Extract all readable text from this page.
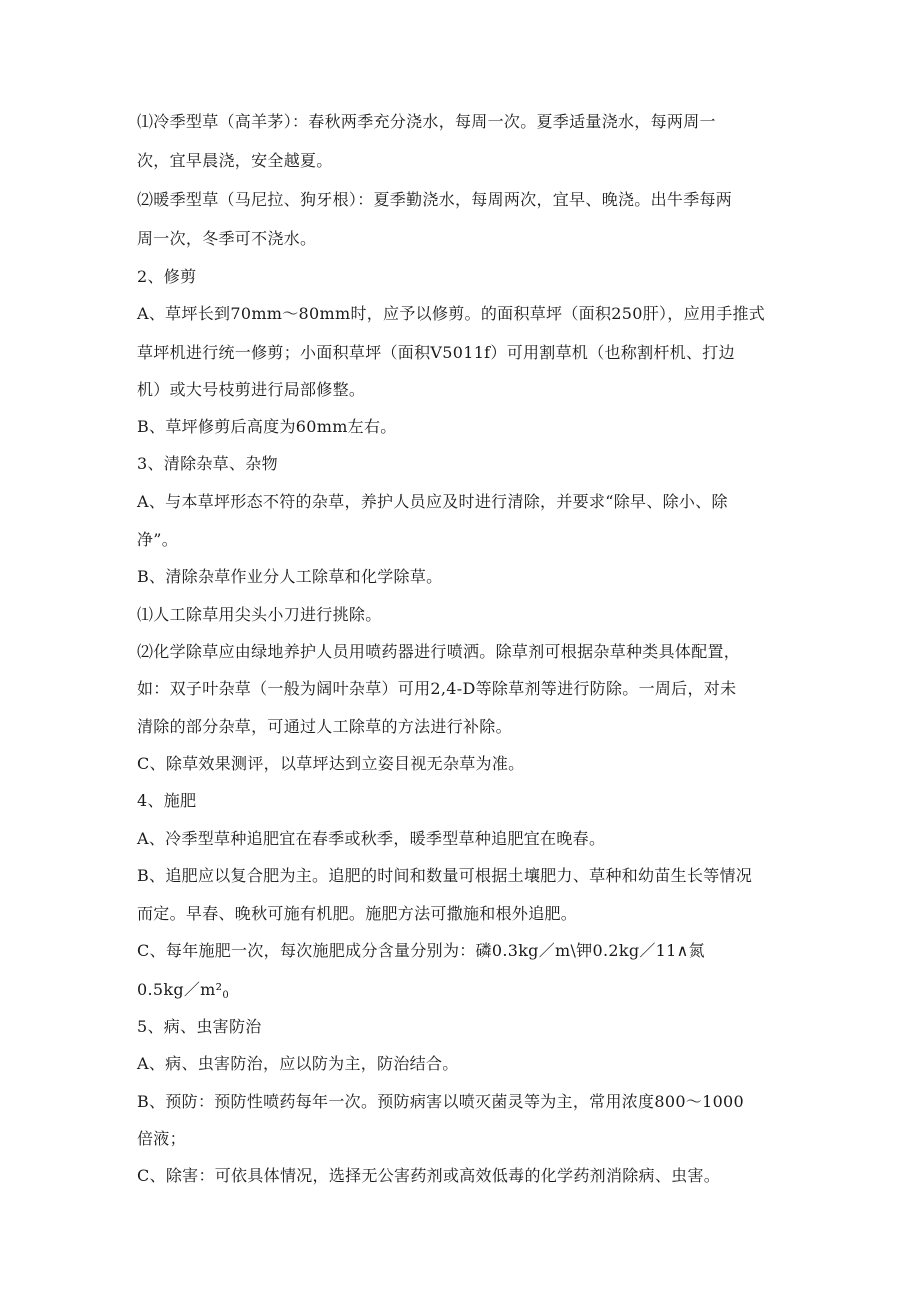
⑴冷季型草（高羊茅）：春秋两季充分浇水，每周一次。夏季适量浇水，每两周一
次，宜早晨浇，安全越夏。
⑵暖季型草（马尼拉、狗牙根）：夏季勤浇水，每周两次，宜早、晚浇。出牛季每两
周一次，冬季可不浇水。
2、修剪
A、草坪长到70mm～80mm时，应予以修剪。的面积草坪（面积250肝），应用手推式
草坪机进行统一修剪；小面积草坪（面积V5011f）可用割草机（也称割杆机、打边
机）或大号枝剪进行局部修整。
B、草坪修剪后高度为60mm左右。
3、清除杂草、杂物
A、与本草坪形态不符的杂草，养护人员应及时进行清除，并要求“除早、除小、除
净”。
B、清除杂草作业分人工除草和化学除草。
⑴人工除草用尖头小刀进行挑除。
⑵化学除草应由绿地养护人员用喷药器进行喷洒。除草剂可根据杂草种类具体配置，
如：双子叶杂草（一般为阔叶杂草）可用2,4-D等除草剂等进行防除。一周后，对未
清除的部分杂草，可通过人工除草的方法进行补除。
C、除草效果测评，以草坪达到立姿目视无杂草为准。
4、施肥
A、冷季型草种追肥宜在春季或秋季，暖季型草种追肥宜在晚春。
B、追肥应以复合肥为主。追肥的时间和数量可根据土壤肥力、草种和幼苗生长等情况
而定。早春、晚秋可施有机肥。施肥方法可撒施和根外追肥。
C、每年施肥一次，每次施肥成分含量分别为：磷0.3kg／m\钾0.2kg／11∧氮
$0.5kg/m^2_0$
5、病、虫害防治
A、病、虫害防治，应以防为主，防治结合。
B、预防：预防性喷药每年一次。预防病害以喷灭菌灵等为主，常用浓度800～1000
倍液；
C、除害：可依具体情况，选择无公害药剂或高效低毒的化学药剂消除病、虫害。
